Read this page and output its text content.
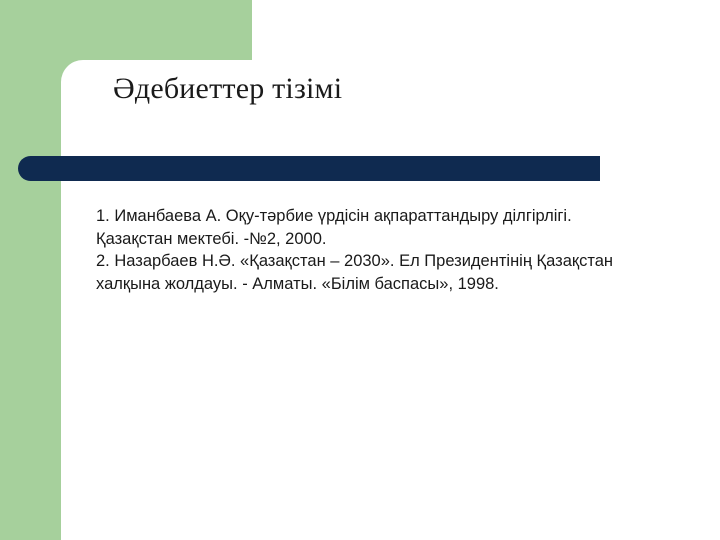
Әдебиеттер тізімі

1. Иманбаева А. Оқу-тәрбие үрдісін ақпараттандыру ділгірлігі.

Қазақстан мектебі. -№2, 2000.

2. Назарбаев Н.Ә. «Қазақстан – 2030». Ел Президентінің Қазақстан

халқына жолдауы. - Алматы. «Білім баспасы», 1998.
